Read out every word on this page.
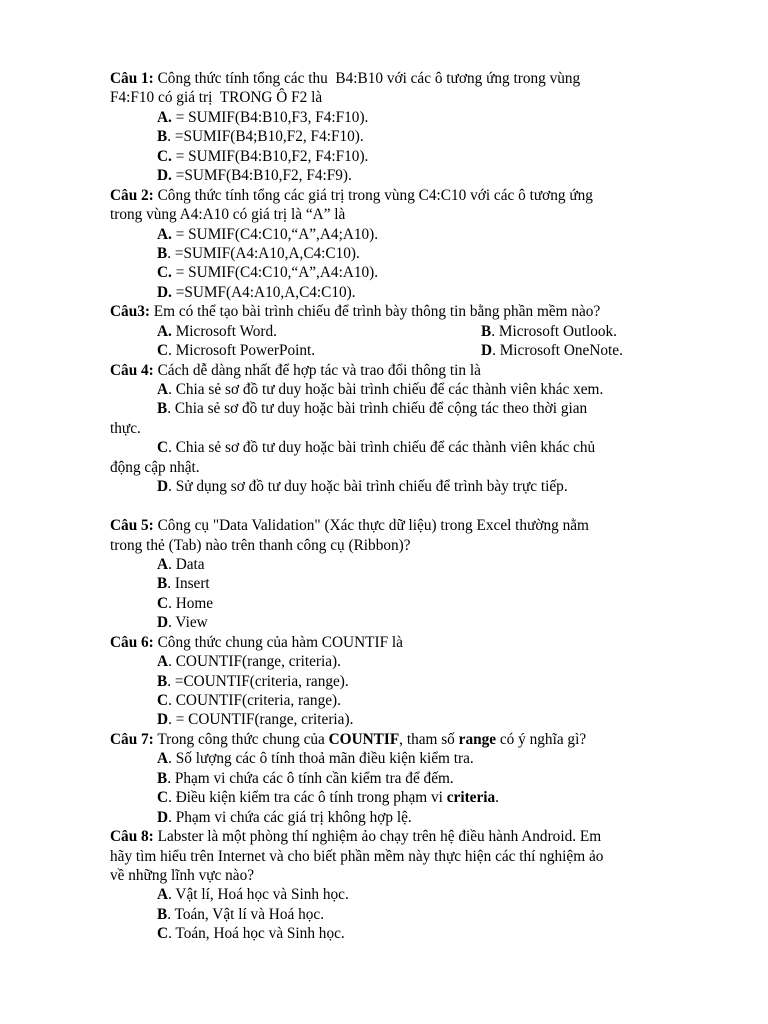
Câu 1: Công thức tính tổng các thu  B4:B10 với các ô tương ứng trong vùng
F4:F10 có giá trị  TRONG Ô F2 là
A. = SUMIF(B4:B10,F3, F4:F10).
B. =SUMIF(B4;B10,F2, F4:F10).
C. = SUMIF(B4:B10,F2, F4:F10).
D. =SUMF(B4:B10,F2, F4:F9).
Câu 2: Công thức tính tổng các giá trị trong vùng C4:C10 với các ô tương ứng
trong vùng A4:A10 có giá trị là “A” là
A. = SUMIF(C4:C10,“A”,A4;A10).
B. =SUMIF(A4:A10,A,C4:C10).
C. = SUMIF(C4:C10,“A”,A4:A10).
D. =SUMF(A4:A10,A,C4:C10).
Câu3: Em có thể tạo bài trình chiếu để trình bày thông tin bằng phần mềm nào?
A. Microsoft Word.	B. Microsoft Outlook.
C. Microsoft PowerPoint.	D. Microsoft OneNote.
Câu 4: Cách dễ dàng nhất để hợp tác và trao đổi thông tin là
A. Chia sẻ sơ đồ tư duy hoặc bài trình chiếu để các thành viên khác xem.
B. Chia sẻ sơ đồ tư duy hoặc bài trình chiếu để cộng tác theo thời gian
thực.
C. Chia sẻ sơ đồ tư duy hoặc bài trình chiếu để các thành viên khác chủ
động cập nhật.
D. Sử dụng sơ đồ tư duy hoặc bài trình chiếu để trình bày trực tiếp.
Câu 5: Công cụ "Data Validation" (Xác thực dữ liệu) trong Excel thường nằm
trong thẻ (Tab) nào trên thanh công cụ (Ribbon)?
A. Data
B. Insert
C. Home
D. View
Câu 6: Công thức chung của hàm COUNTIF là
A. COUNTIF(range, criteria).
B. =COUNTIF(criteria, range).
C. COUNTIF(criteria, range).
D. = COUNTIF(range, criteria).
Câu 7: Trong công thức chung của COUNTIF, tham số range có ý nghĩa gì?
A. Số lượng các ô tính thoả mãn điều kiện kiểm tra.
B. Phạm vi chứa các ô tính cần kiểm tra để đếm.
C. Điều kiện kiểm tra các ô tính trong phạm vi criteria.
D. Phạm vi chứa các giá trị không hợp lệ.
Câu 8: Labster là một phòng thí nghiệm ảo chạy trên hệ điều hành Android. Em
hãy tìm hiểu trên Internet và cho biết phần mềm này thực hiện các thí nghiệm ảo
về những lĩnh vực nào?
A. Vật lí, Hoá học và Sinh học.
B. Toán, Vật lí và Hoá học.
C. Toán, Hoá học và Sinh học.
